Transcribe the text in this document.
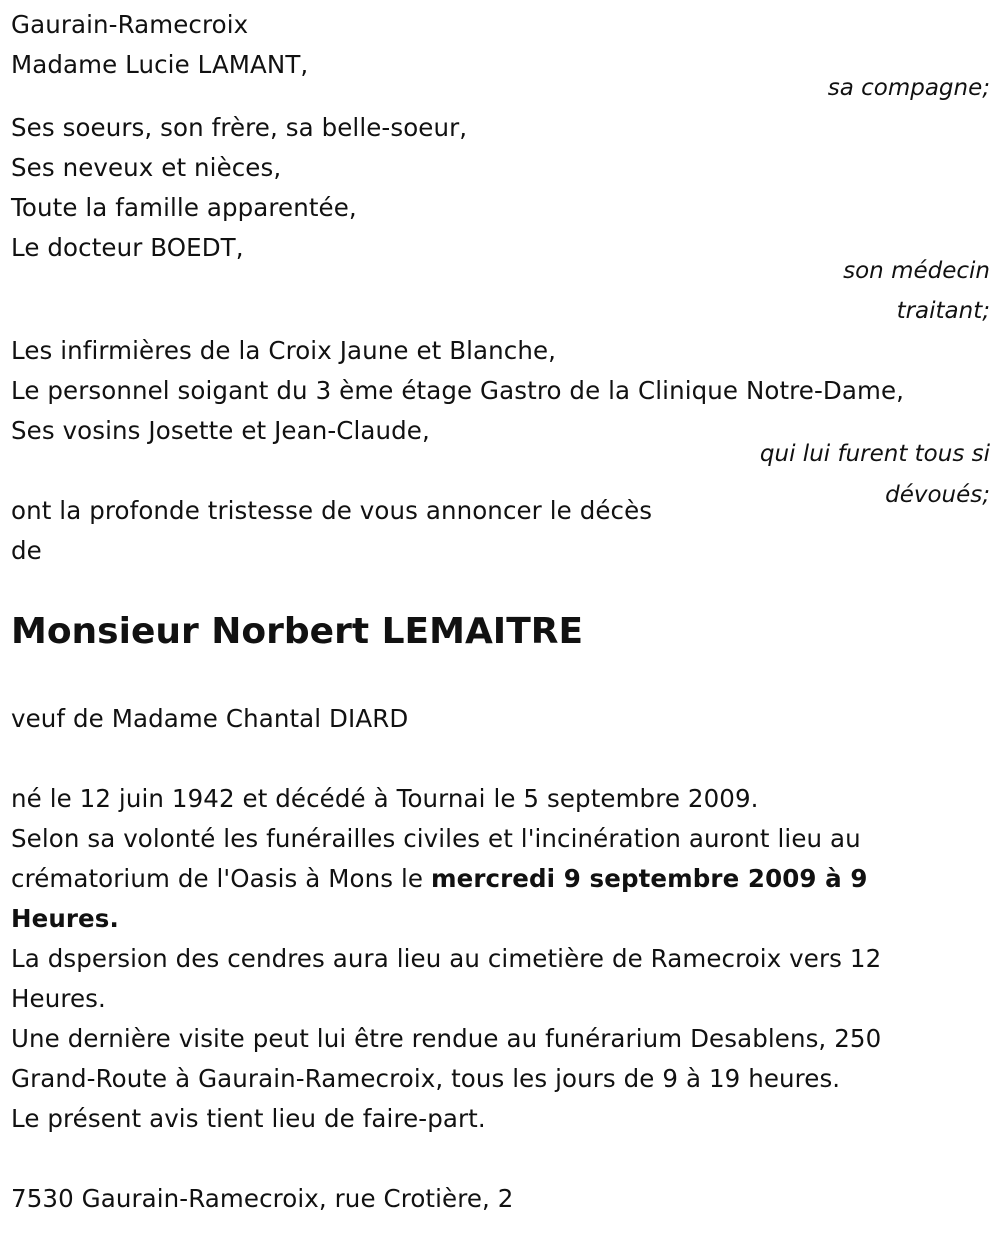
Gaurain-Ramecroix
Madame Lucie LAMANT,
sa compagne;
Ses soeurs, son frère, sa belle-soeur,
Ses neveux et nièces,
Toute la famille apparentée,
Le docteur BOEDT,
son médecin
traitant;
Les infirmières de la Croix Jaune et Blanche,
Le personnel soigant du 3 ème étage Gastro de la Clinique Notre-Dame,
Ses vosins Josette et Jean-Claude,
qui lui furent tous si
dévoués;
ont la profonde tristesse de vous annoncer le décès
de
Monsieur Norbert LEMAITRE
veuf de Madame Chantal DIARD
né le 12 juin 1942 et décédé à Tournai le 5 septembre 2009.
Selon sa volonté les funérailles civiles et l'incinération auront lieu au
crématorium de l'Oasis à Mons le mercredi 9 septembre 2009 à 9
Heures.
La dspersion des cendres aura lieu au cimetière de Ramecroix vers 12
Heures.
Une dernière visite peut lui être rendue au funérarium Desablens, 250
Grand-Route à Gaurain-Ramecroix, tous les jours de 9 à 19 heures.
Le présent avis tient lieu de faire-part.
7530 Gaurain-Ramecroix, rue Crotière, 2
